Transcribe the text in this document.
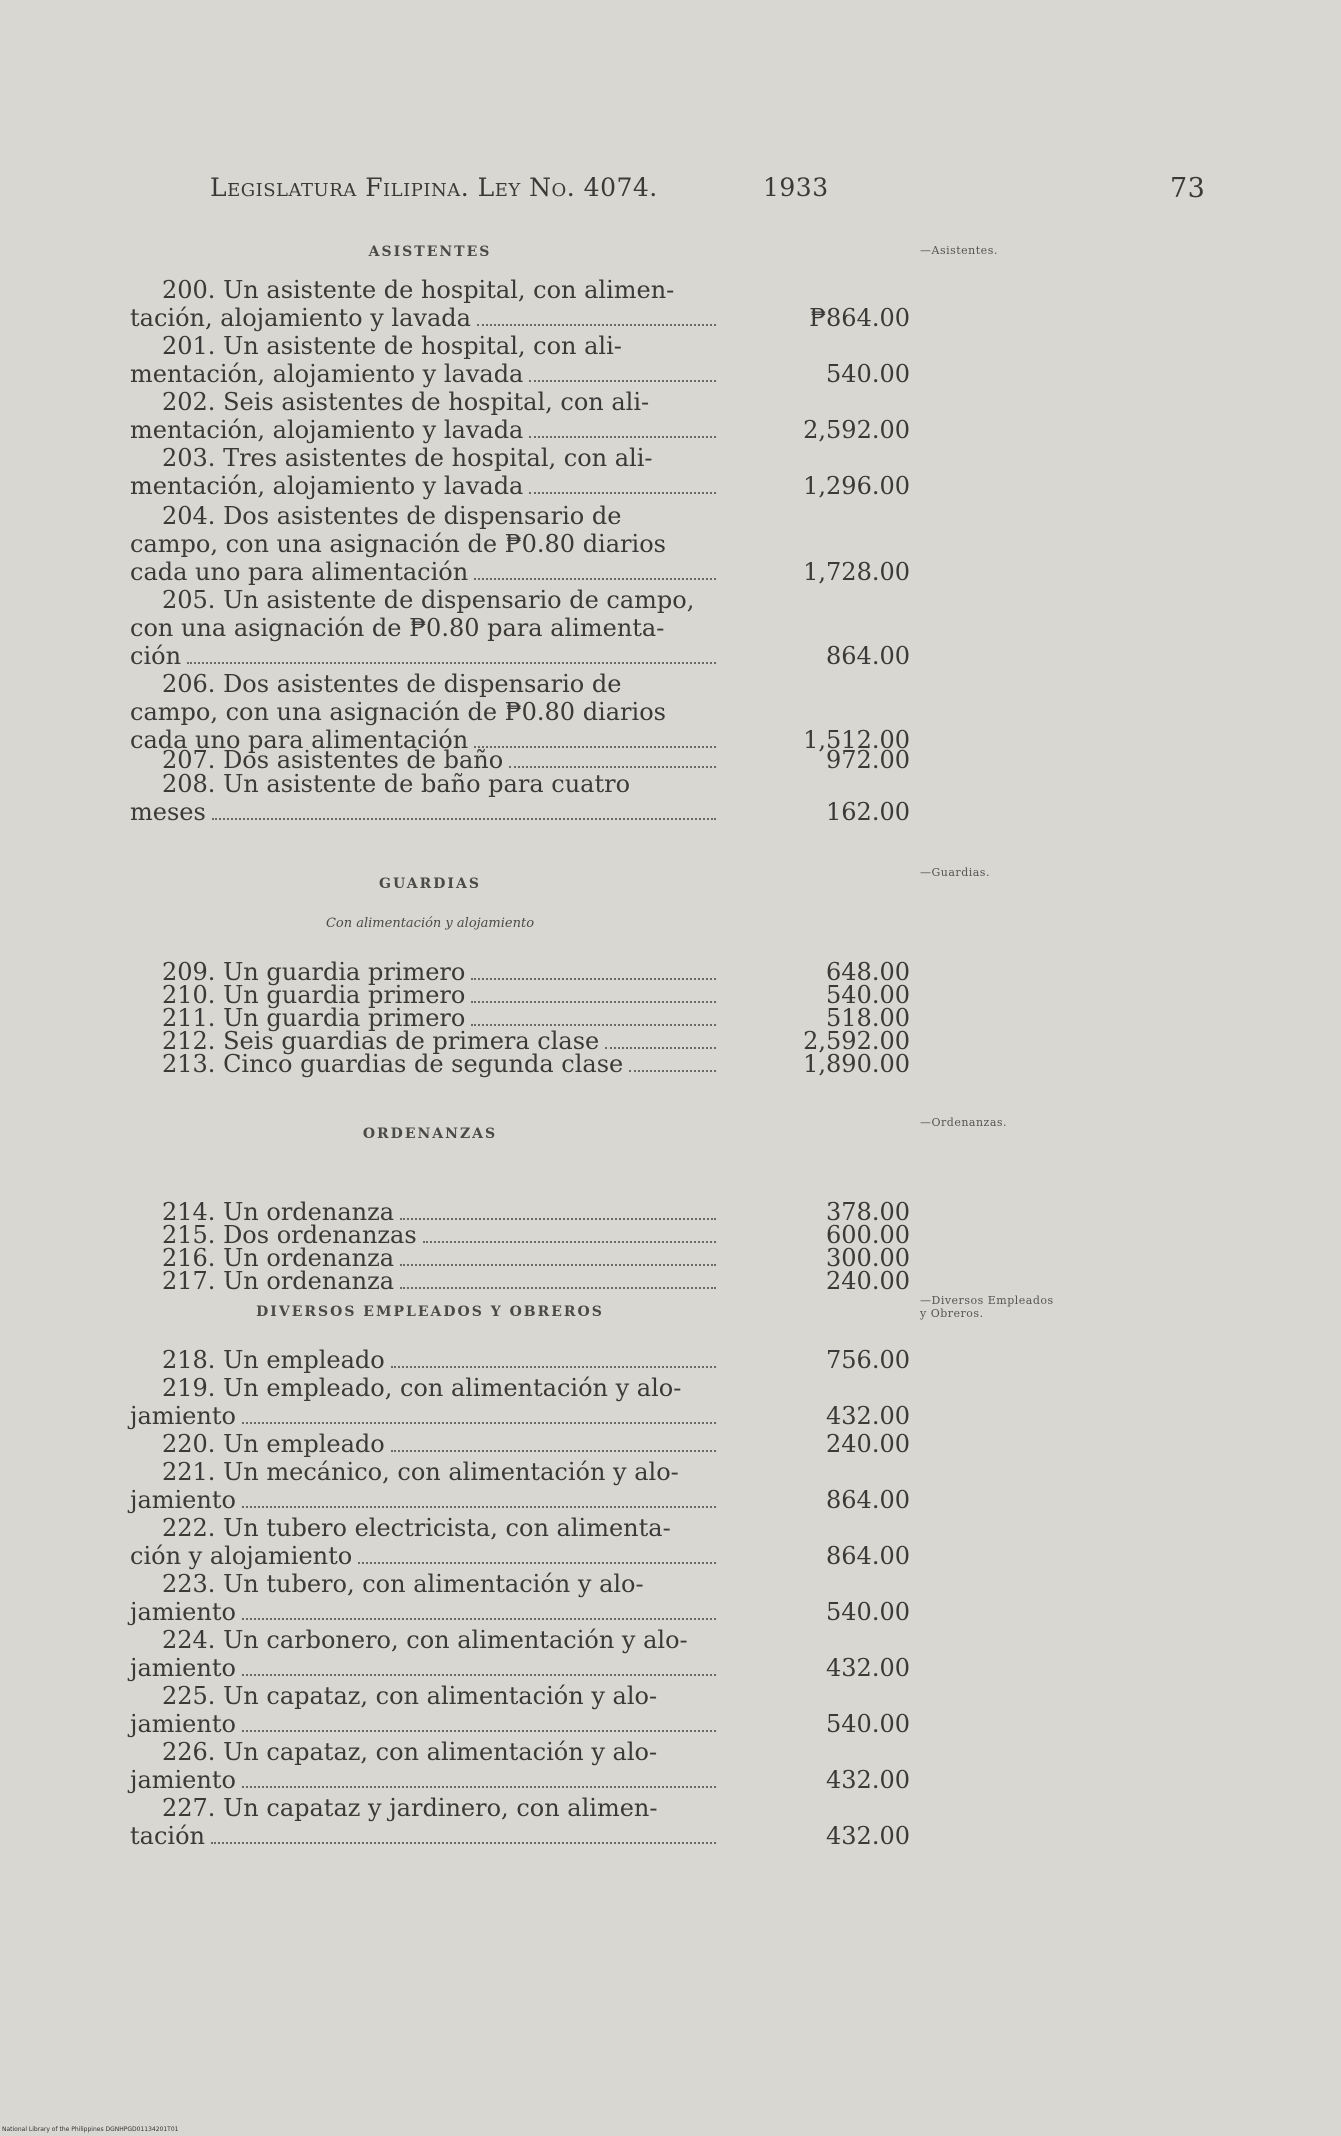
Legislatura Filipina. Ley No. 4074.	1933	73
ASISTENTES
GUARDIAS
Con alimentación y alojamiento
ORDENANZAS
DIVERSOS EMPLEADOS Y OBREROS
200. Un asistente de hospital, con alimen-
tación, alojamiento y lavada
201. Un asistente de hospital, con ali-
mentación, alojamiento y lavada
202. Seis asistentes de hospital, con ali-
mentación, alojamiento y lavada
203. Tres asistentes de hospital, con ali-
mentación, alojamiento y lavada
204. Dos asistentes de dispensario de
campo, con una asignación de ₱0.80 diarios
cada uno para alimentación
205. Un asistente de dispensario de campo,
con una asignación de ₱0.80 para alimenta-
ción
206. Dos asistentes de dispensario de
campo, con una asignación de ₱0.80 diarios
cada uno para alimentación
207. Dos asistentes de baño
208. Un asistente de baño para cuatro
meses
209. Un guardia primero
210. Un guardia primero
211. Un guardia primero
212. Seis guardias de primera clase
213. Cinco guardias de segunda clase
214. Un ordenanza
215. Dos ordenanzas
216. Un ordenanza
217. Un ordenanza
218. Un empleado
219. Un empleado, con alimentación y alo-
jamiento
220. Un empleado
221. Un mecánico, con alimentación y alo-
jamiento
222. Un tubero electricista, con alimenta-
ción y alojamiento
223. Un tubero, con alimentación y alo-
jamiento
224. Un carbonero, con alimentación y alo-
jamiento
225. Un capataz, con alimentación y alo-
jamiento
226. Un capataz, con alimentación y alo-
jamiento
227. Un capataz y jardinero, con alimen-
tación
₱864.00
540.00
2,592.00
1,296.00
1,728.00
864.00
1,512.00
972.00
162.00
648.00
540.00
518.00
2,592.00
1,890.00
378.00
600.00
300.00
240.00
756.00
432.00
240.00
864.00
864.00
540.00
432.00
540.00
432.00
432.00
—Asistentes.
—Guardias.
—Ordenanzas.
—Diversos Empleados
y Obreros.
National Library of the Philippines DGNHPGD01134201T01
